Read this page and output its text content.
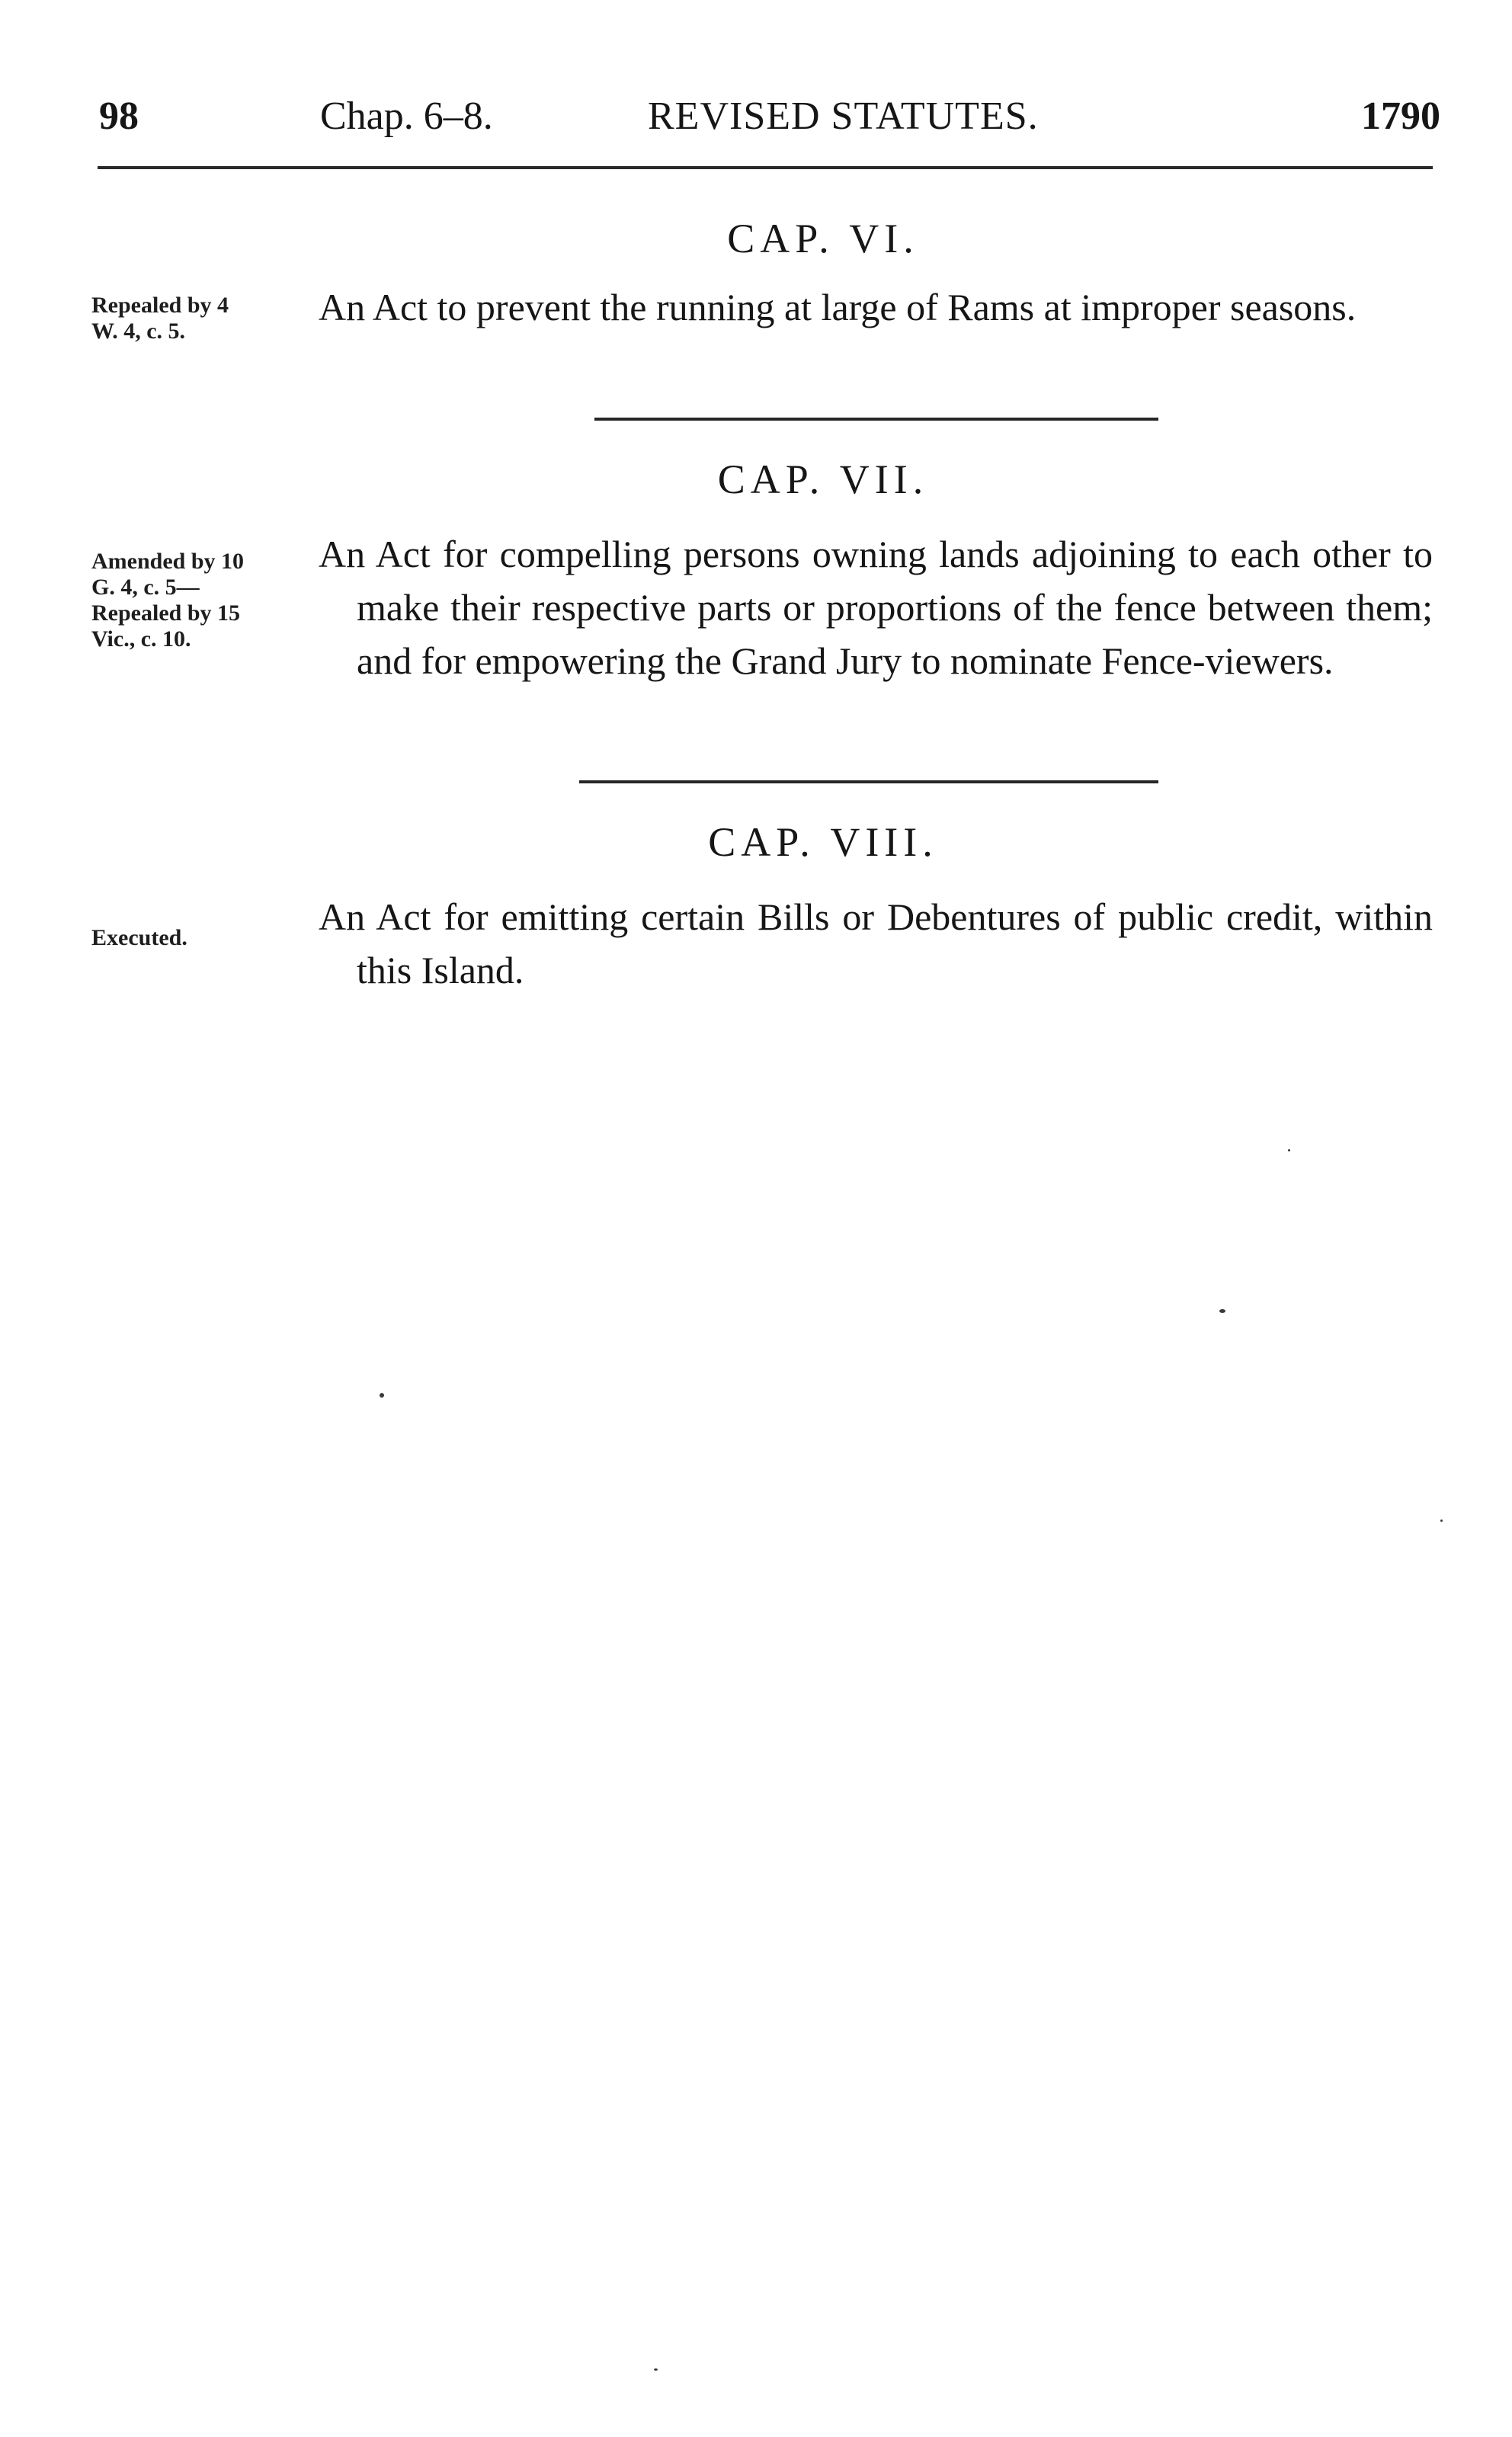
98	Chap. 6–8.	REVISED STATUTES.	1790
CAP. VI.
Repealed by 4
W. 4, c. 5.
An Act to prevent the running at large of Rams at improper seasons.
CAP. VII.
Amended by 10
G. 4, c. 5—
Repealed by 15
Vic., c. 10.
An Act for compelling persons owning lands adjoining to each other to make their respective parts or proportions of the fence between them; and for empowering the Grand Jury to nominate Fence-viewers.
CAP. VIII.
Executed.	An Act for emitting certain Bills or Debentures of public credit, within this Island.
